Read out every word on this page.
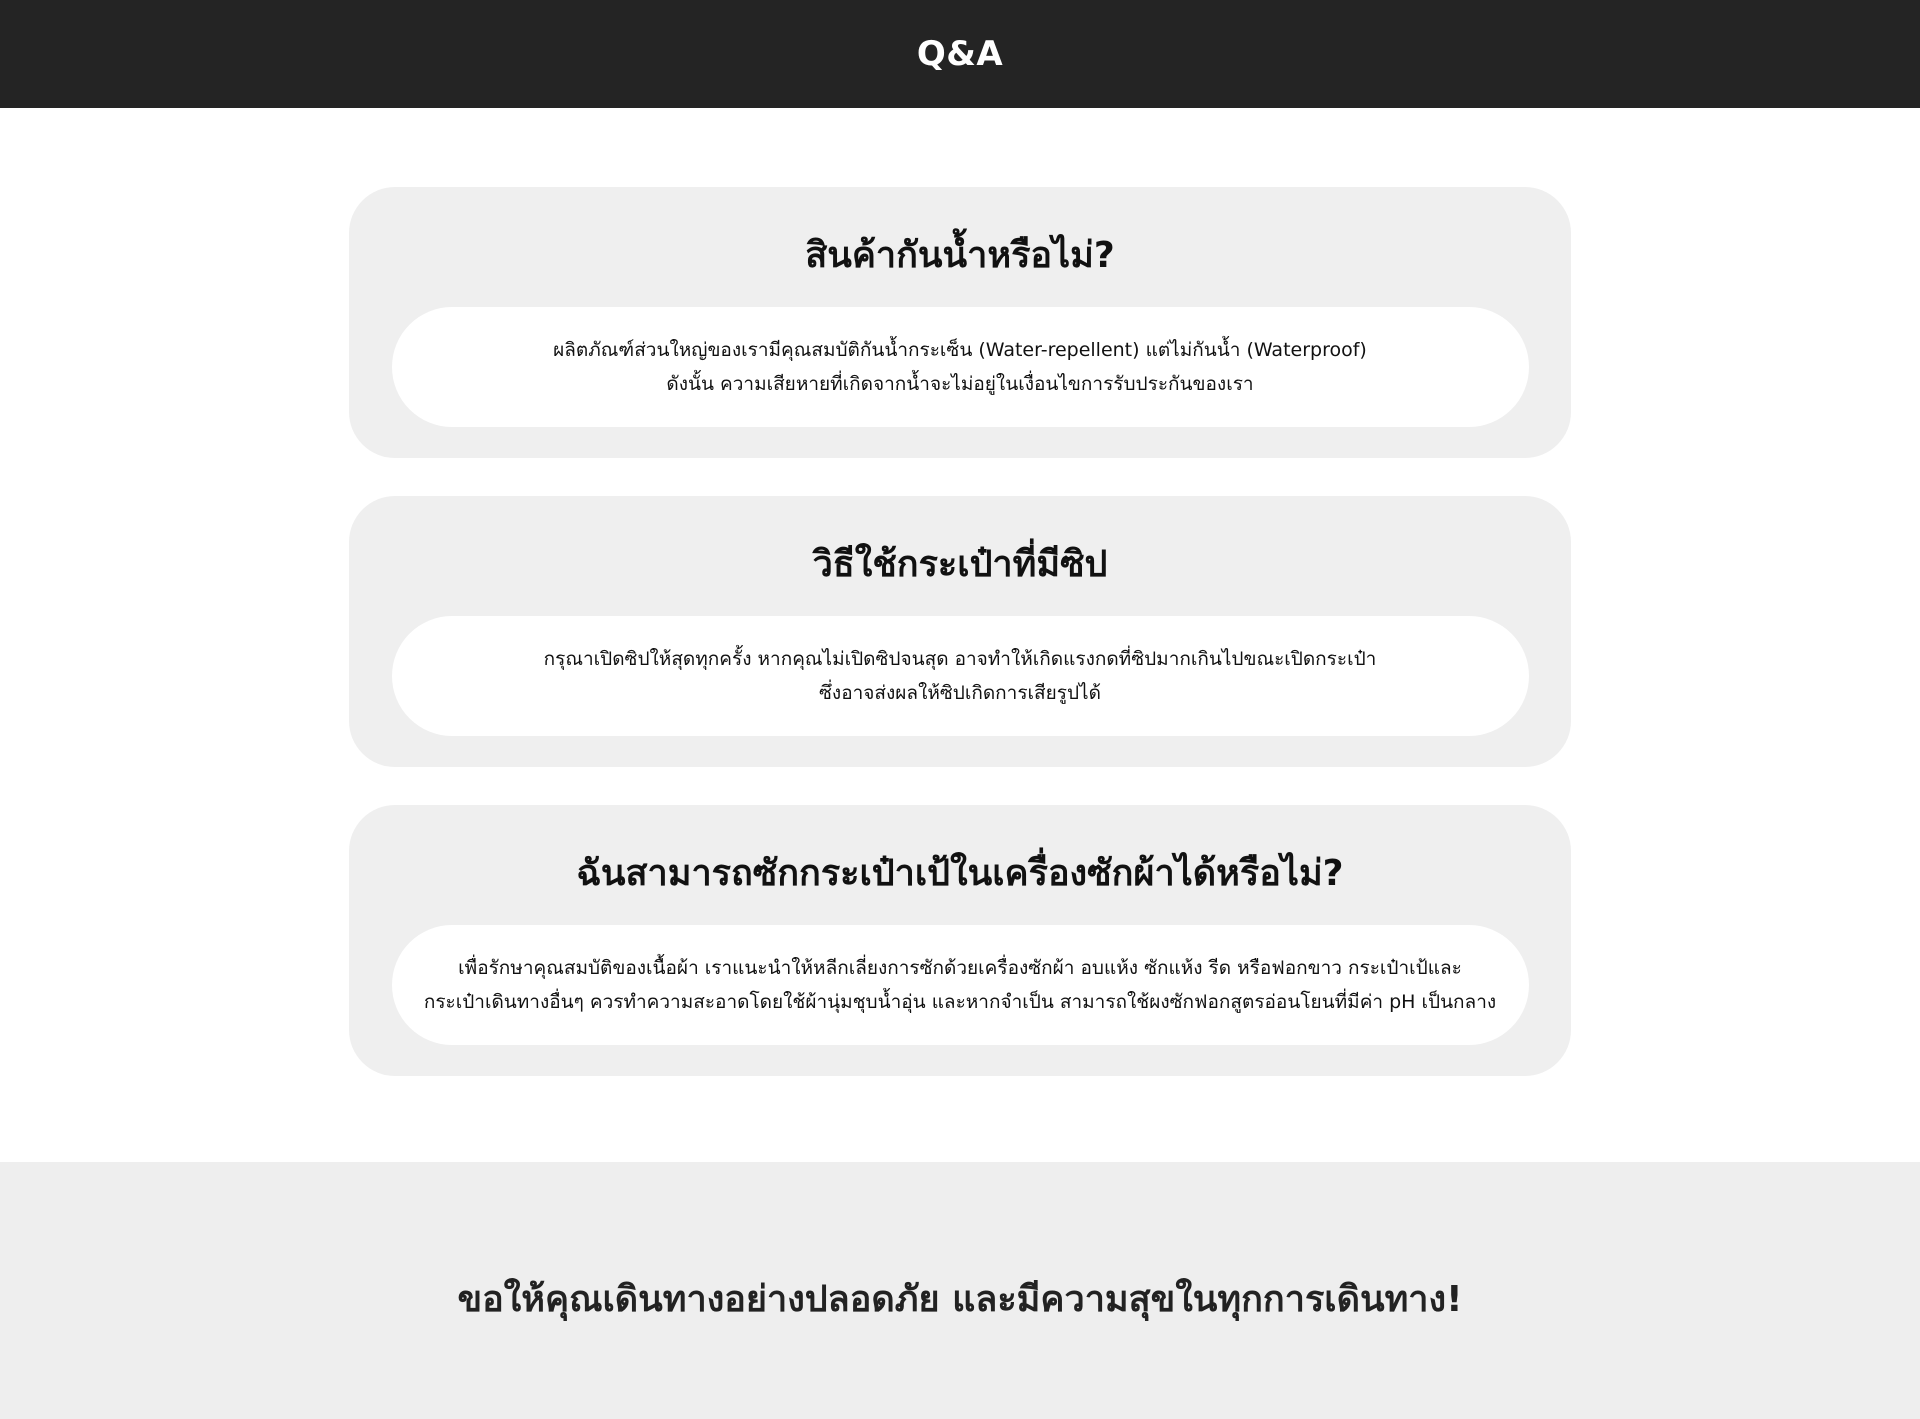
Q&A
สินค้ากันน้ำหรือไม่?

ผลิตภัณฑ์ส่วนใหญ่ของเรามีคุณสมบัติกันน้ำกระเซ็น (Water-repellent) แต่ไม่กันน้ำ (Waterproof)
ดังนั้น ความเสียหายที่เกิดจากน้ำจะไม่อยู่ในเงื่อนไขการรับประกันของเรา

วิธีใช้กระเป๋าที่มีซิป

กรุณาเปิดซิปให้สุดทุกครั้ง หากคุณไม่เปิดซิปจนสุด อาจทำให้เกิดแรงกดที่ซิปมากเกินไปขณะเปิดกระเป๋า
ซึ่งอาจส่งผลให้ซิปเกิดการเสียรูปได้

ฉันสามารถซักกระเป๋าเป้ในเครื่องซักผ้าได้หรือไม่?

เพื่อรักษาคุณสมบัติของเนื้อผ้า เราแนะนำให้หลีกเลี่ยงการซักด้วยเครื่องซักผ้า อบแห้ง ซักแห้ง รีด หรือฟอกขาว กระเป๋าเป้และ
กระเป๋าเดินทางอื่นๆ ควรทำความสะอาดโดยใช้ผ้านุ่มชุบน้ำอุ่น และหากจำเป็น สามารถใช้ผงซักฟอกสูตรอ่อนโยนที่มีค่า pH เป็นกลาง

ขอให้คุณเดินทางอย่างปลอดภัย และมีความสุขในทุกการเดินทาง!
